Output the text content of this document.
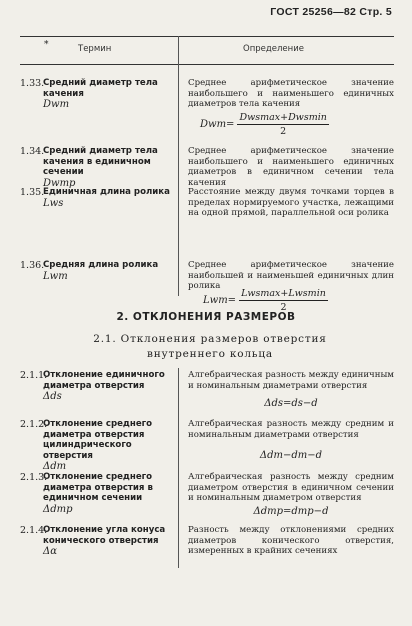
ГОСТ 25256—82 Стр. 5
*	Термин	Определение
1.33.
Средний диаметр тела качения
Dwm
Среднее арифметическое значение наибольшего и наименьшего единичных диаметров тела качения
$Dwm= \frac{\text{Dwsmax+Dwsmin}}{2}$
1.34.
Средний диаметр тела качения в единичном сечении
Dwmp
Среднее арифметическое значение наибольшего и наименьшего единичных диаметров в единичном сечении тела качения
1.35.
Единичная длина ролика
Lws
Расстояние между двумя точками торцев в пределах нормируемого участка, лежащими на одной прямой, параллельной оси ролика
1.36.
Средняя длина ролика
Lwm
Среднее арифметическое значение наибольшей и наименьшей единичных длин ролика
$Lwm= \frac{\text{Lwsmax+Lwsmin}}{2}$
2. ОТКЛОНЕНИЯ РАЗМЕРОВ
2.1. Отклонения размеров отверстия
внутреннего кольца
2.1.1.
Отклонение единичного диаметра отверстия
Δds
Алгебраическая разность между единичным и номинальным диаметрами отверстия
Δds=ds−d
2.1.2.
Отклонение среднего диаметра отверстия цилиндрического отверстия
Δdm
Алгебраическая разность между средним и номинальным диаметрами отверстия
Δdm−dm−d
2.1.3.
Отклонение среднего диаметра отверстия в единичном сечении
Δdmp
Алгебраическая разность между средним диаметром отверстия в единичном сечении и номинальным диаметром отверстия
Δdmp=dmp−d
2.1.4.
Отклонение угла конуса конического отверстия
Δα
Разность между отклонениями средних диаметров конического отверстия, измеренных в крайних сечениях
